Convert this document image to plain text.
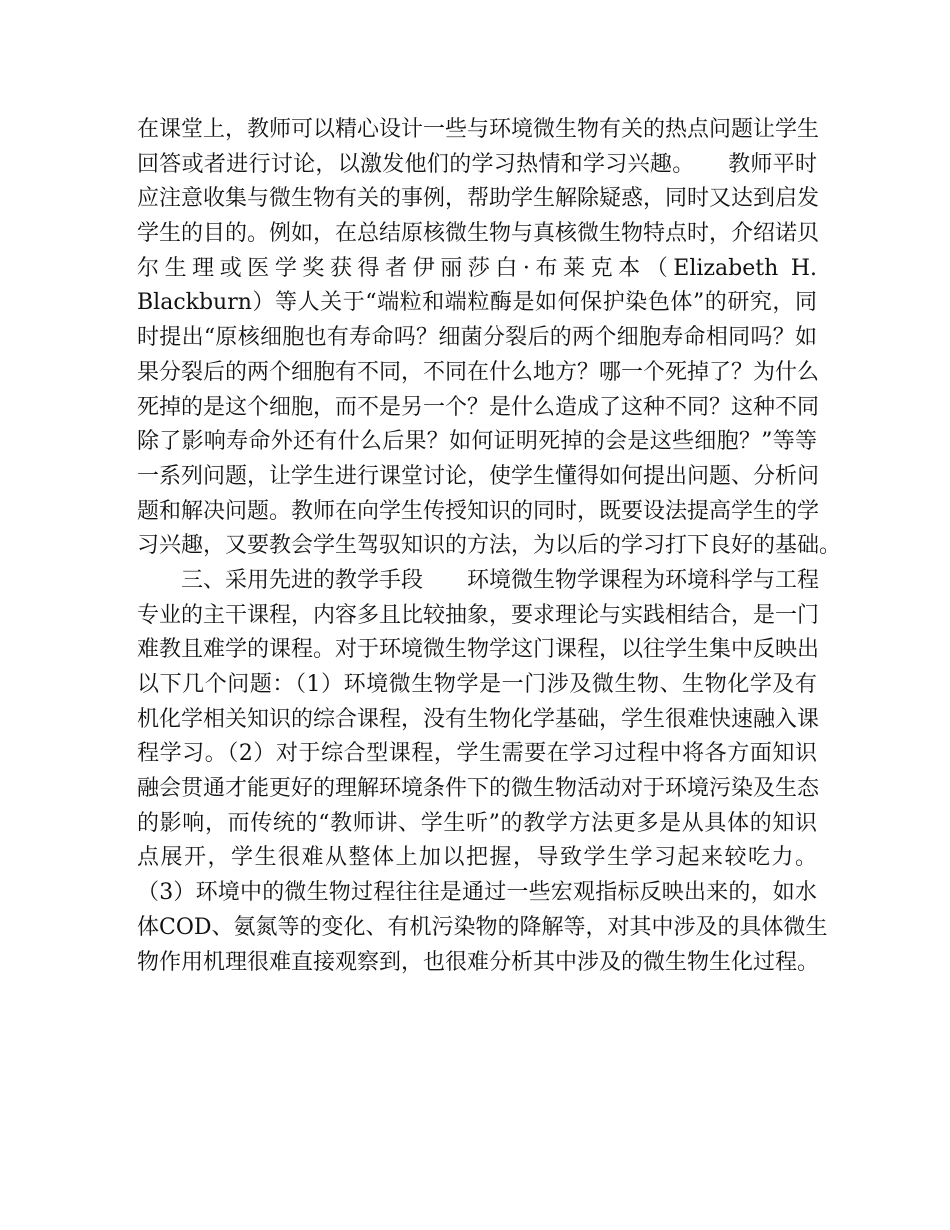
在课堂上，教师可以精心设计一些与环境微生物有关的热点问题让学生
回答或者进行讨论，以激发他们的学习热情和学习兴趣。　　教师平时
应注意收集与微生物有关的事例，帮助学生解除疑惑，同时又达到启发
学生的目的。例如，在总结原核微生物与真核微生物特点时，介绍诺贝
尔生理或医学奖获得者伊丽莎白·布莱克本（Elizabeth H.
Blackburn）等人关于“端粒和端粒酶是如何保护染色体”的研究，同
时提出“原核细胞也有寿命吗？细菌分裂后的两个细胞寿命相同吗？如
果分裂后的两个细胞有不同，不同在什么地方？哪一个死掉了？为什么
死掉的是这个细胞，而不是另一个？是什么造成了这种不同？这种不同
除了影响寿命外还有什么后果？如何证明死掉的会是这些细胞？”等等
一系列问题，让学生进行课堂讨论，使学生懂得如何提出问题、分析问
题和解决问题。教师在向学生传授知识的同时，既要设法提高学生的学
习兴趣，又要教会学生驾驭知识的方法，为以后的学习打下良好的基础。
　　三、采用先进的教学手段　　环境微生物学课程为环境科学与工程
专业的主干课程，内容多且比较抽象，要求理论与实践相结合，是一门
难教且难学的课程。对于环境微生物学这门课程，以往学生集中反映出
以下几个问题：（1）环境微生物学是一门涉及微生物、生物化学及有
机化学相关知识的综合课程，没有生物化学基础，学生很难快速融入课
程学习。（2）对于综合型课程，学生需要在学习过程中将各方面知识
融会贯通才能更好的理解环境条件下的微生物活动对于环境污染及生态
的影响，而传统的“教师讲、学生听”的教学方法更多是从具体的知识
点展开，学生很难从整体上加以把握，导致学生学习起来较吃力。
（3）环境中的微生物过程往往是通过一些宏观指标反映出来的，如水
体COD、氨氮等的变化、有机污染物的降解等，对其中涉及的具体微生
物作用机理很难直接观察到，也很难分析其中涉及的微生物生化过程。
